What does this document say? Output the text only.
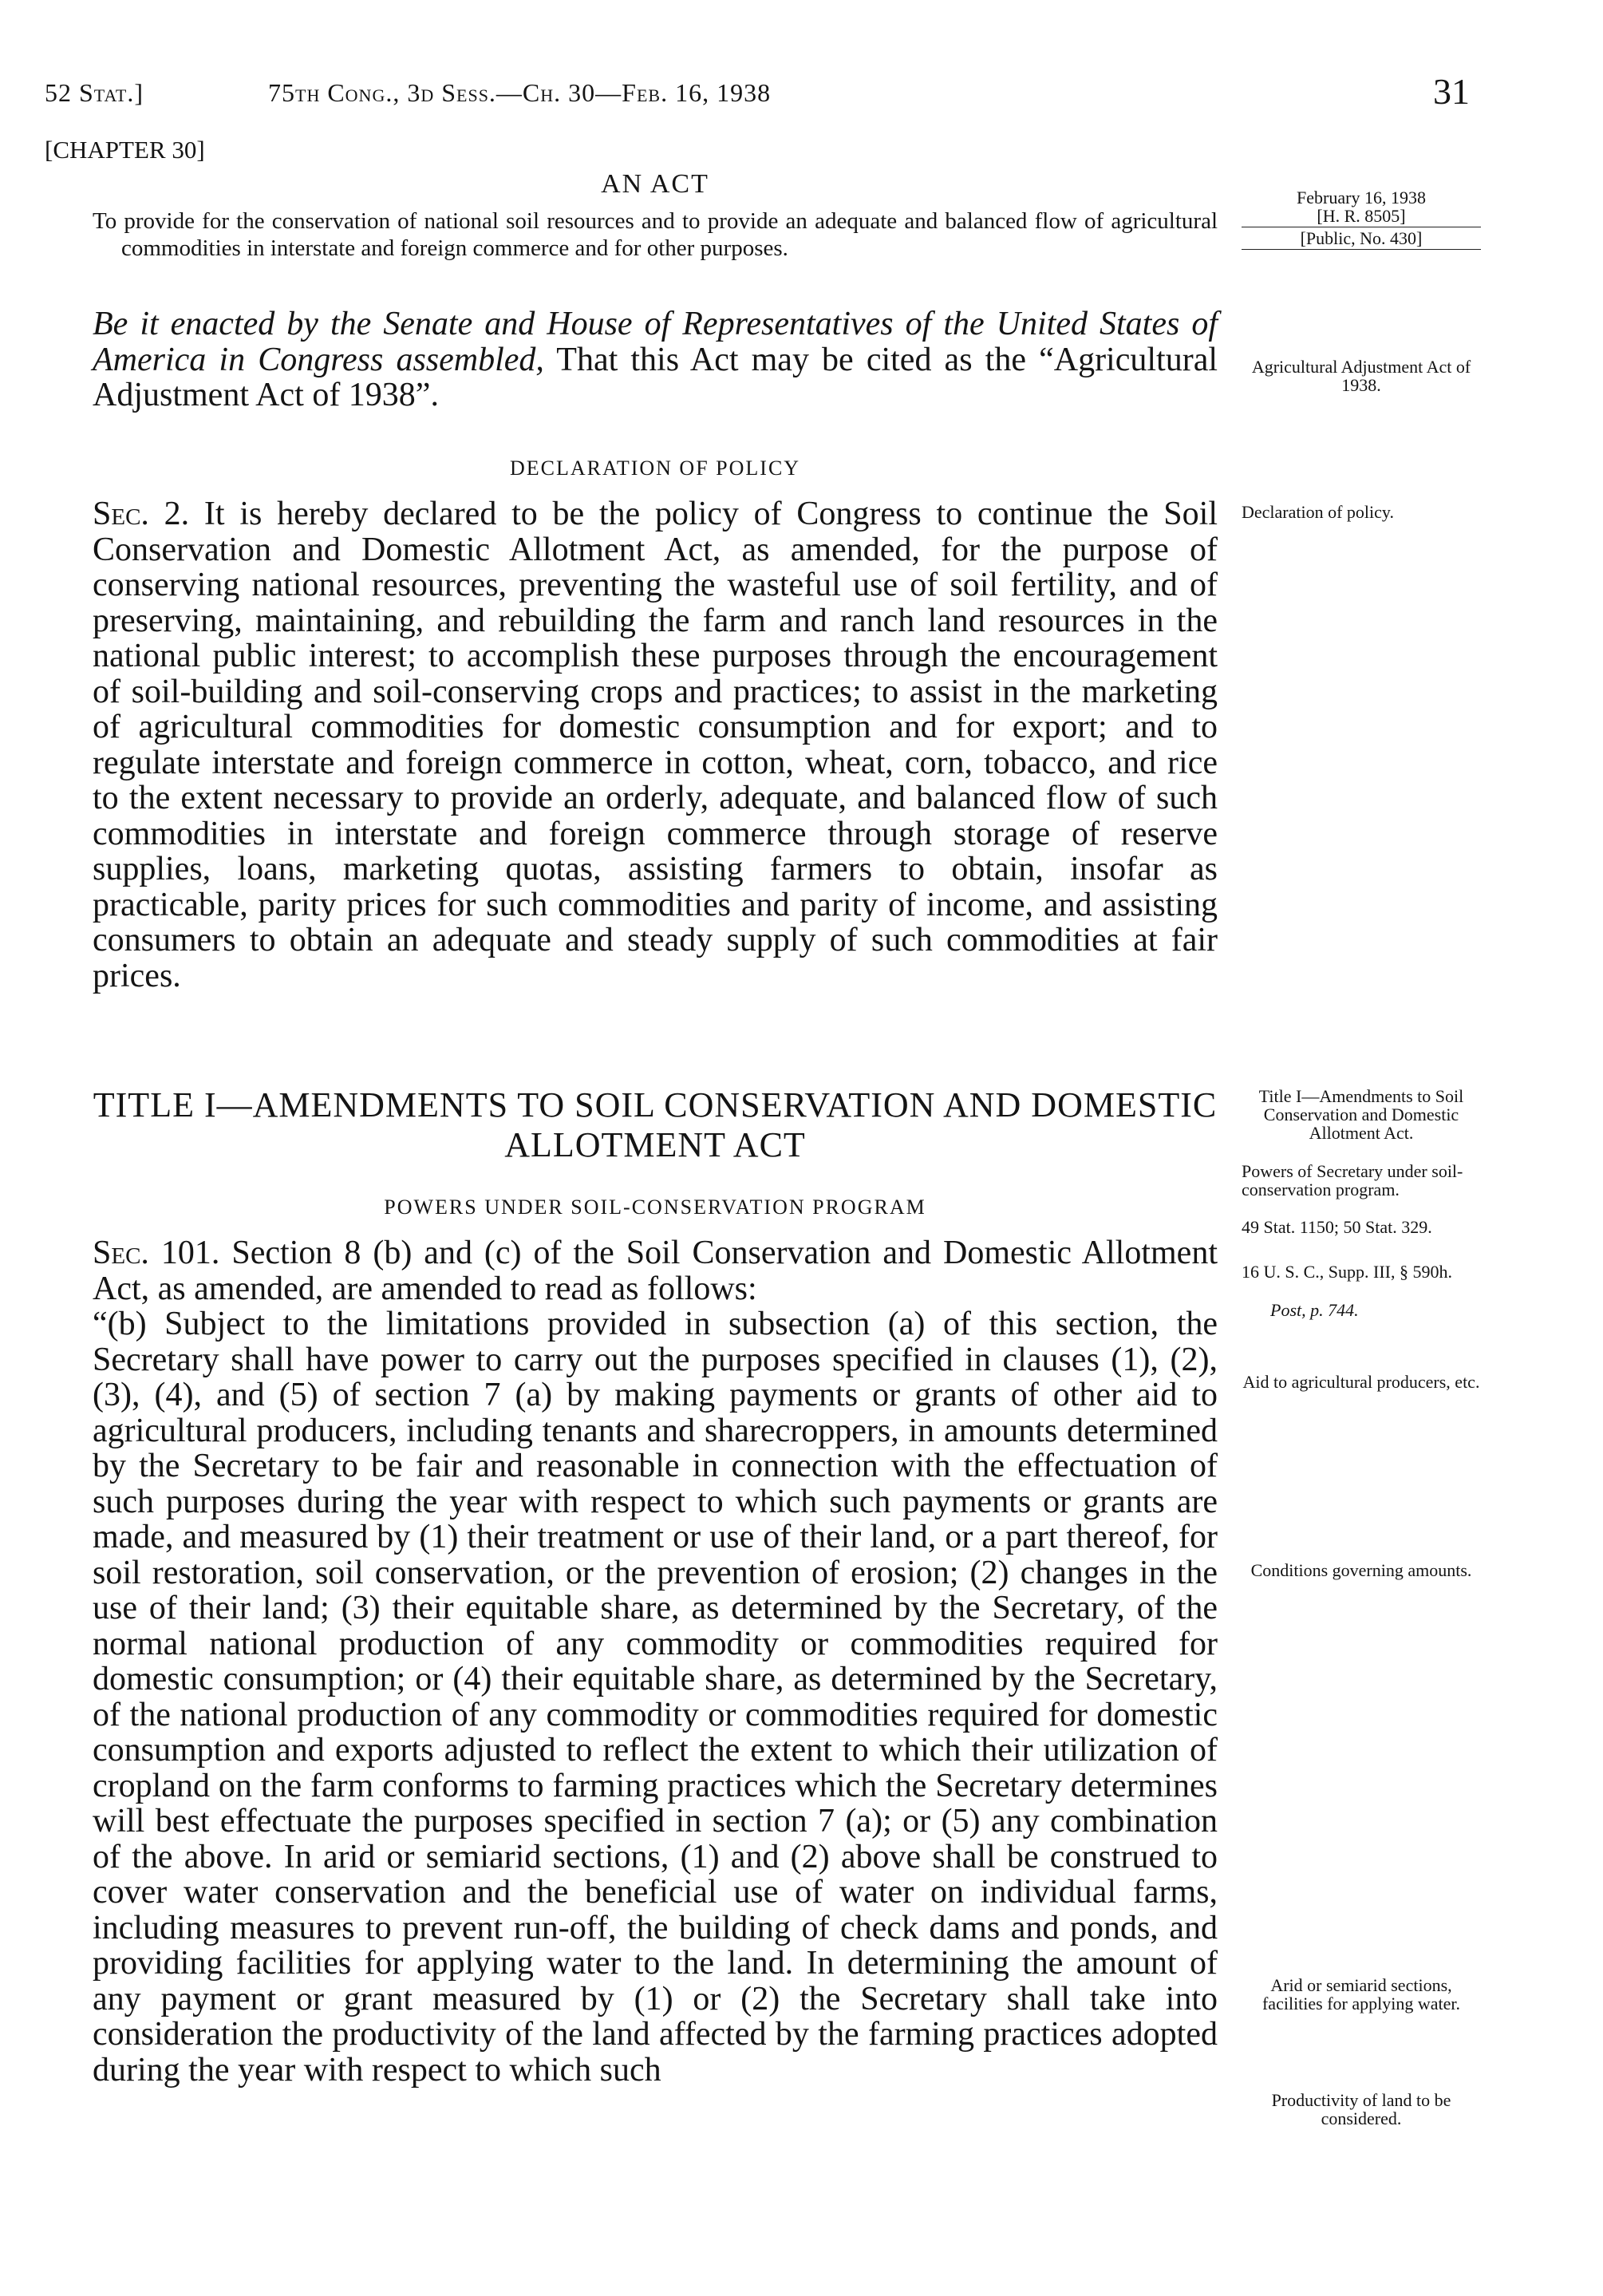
52 Stat.]	75th Cong., 3d Sess.—Ch. 30—Feb. 16, 1938	31
[CHAPTER 30]
AN ACT

To provide for the conservation of national soil resources and to provide an adequate and balanced flow of agricultural commodities in interstate and foreign commerce and for other purposes.

Be it enacted by the Senate and House of Representatives of the United States of America in Congress assembled, That this Act may be cited as the “Agricultural Adjustment Act of 1938”.

DECLARATION OF POLICY

Sec. 2. It is hereby declared to be the policy of Congress to continue the Soil Conservation and Domestic Allotment Act, as amended, for the purpose of conserving national resources, preventing the wasteful use of soil fertility, and of preserving, maintaining, and rebuilding the farm and ranch land resources in the national public interest; to accomplish these purposes through the encouragement of soil-building and soil-conserving crops and practices; to assist in the marketing of agricultural commodities for domestic consumption and for export; and to regulate interstate and foreign commerce in cotton, wheat, corn, tobacco, and rice to the extent necessary to provide an orderly, adequate, and balanced flow of such commodities in interstate and foreign commerce through storage of reserve supplies, loans, marketing quotas, assisting farmers to obtain, insofar as practicable, parity prices for such commodities and parity of income, and assisting consumers to obtain an adequate and steady supply of such commodities at fair prices.

TITLE I—AMENDMENTS TO SOIL CONSERVATION AND DOMESTIC ALLOTMENT ACT
POWERS UNDER SOIL-CONSERVATION PROGRAM

Sec. 101. Section 8 (b) and (c) of the Soil Conservation and Domestic Allotment Act, as amended, are amended to read as follows:

“(b) Subject to the limitations provided in subsection (a) of this section, the Secretary shall have power to carry out the purposes specified in clauses (1), (2), (3), (4), and (5) of section 7 (a) by making payments or grants of other aid to agricultural producers, including tenants and sharecroppers, in amounts determined by the Secretary to be fair and reasonable in connection with the effectuation of such purposes during the year with respect to which such payments or grants are made, and measured by (1) their treatment or use of their land, or a part thereof, for soil restoration, soil conservation, or the prevention of erosion; (2) changes in the use of their land; (3) their equitable share, as determined by the Secretary, of the normal national production of any commodity or commodities required for domestic consumption; or (4) their equitable share, as determined by the Secretary, of the national production of any commodity or commodities required for domestic consumption and exports adjusted to reflect the extent to which their utilization of cropland on the farm conforms to farming practices which the Secretary determines will best effectuate the purposes specified in section 7 (a); or (5) any combination of the above. In arid or semiarid sections, (1) and (2) above shall be construed to cover water conservation and the beneficial use of water on individual farms, including measures to prevent run-off, the building of check dams and ponds, and providing facilities for applying water to the land. In determining the amount of any payment or grant measured by (1) or (2) the Secretary shall take into consideration the productivity of the land affected by the farming practices adopted during the year with respect to which such

February 16, 1938

[H. R. 8505]

[Public, No. 430]

Agricultural Adjustment Act of 1938.
Declaration of policy.
Title I—Amendments to Soil Conservation and Domestic Allotment Act.
Powers of Secretary under soil-conservation program.
49 Stat. 1150; 50 Stat. 329.
16 U. S. C., Supp. III, § 590h.
Post, p. 744.
Aid to agricultural producers, etc.
Conditions governing amounts.
Arid or semiarid sections, facilities for applying water.
Productivity of land to be considered.
